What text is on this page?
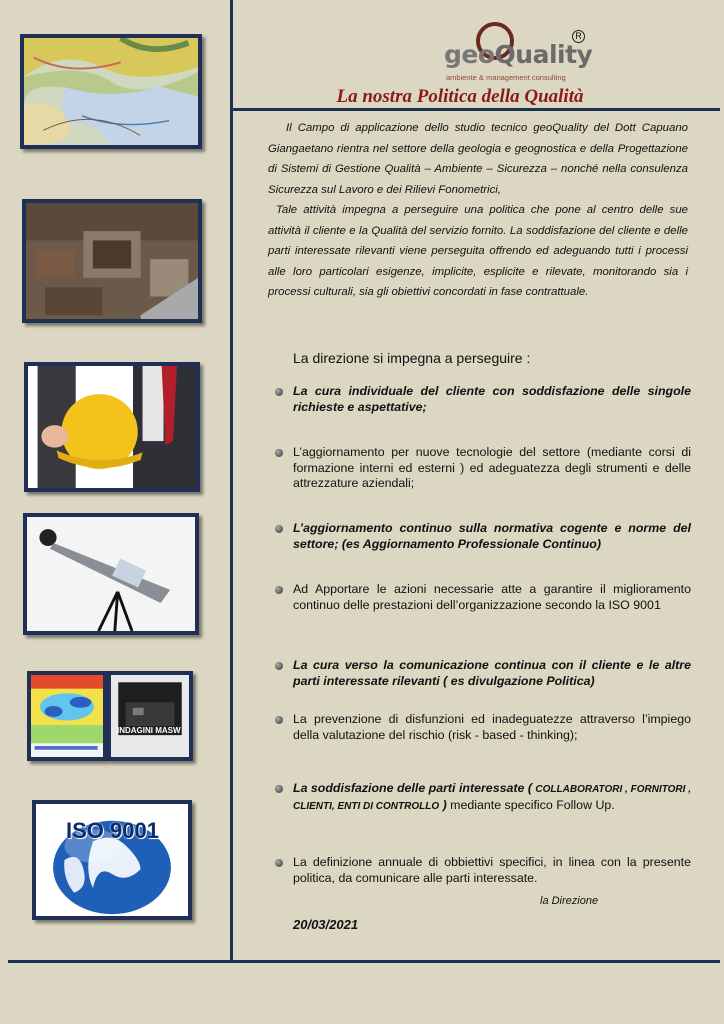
geoQuality
R
ambiente & management consulting
La nostra Politica della Qualità

Il Campo di applicazione dello studio tecnico geoQuality del Dott Capuano Giangaetano rientra nel settore della geologia e geognostica e della Progettazione di Sistemi di Gestione Qualità – Ambiente – Sicurezza – nonché nella consulenza Sicurezza sul Lavoro e dei Rilievi Fonometrici,

Tale attività impegna a perseguire una politica che pone al centro delle sue attività il cliente e la Qualità del servizio fornito. La soddisfazione del cliente e delle parti interessate rilevanti viene perseguita offrendo ed adeguando tutti i processi alle loro particolari esigenze, implicite, esplicite e rilevate, monitorando sia i processi culturali, sia gli obiettivi concordati in fase contrattuale.

La direzione si impegna a perseguire :
La cura individuale del cliente con soddisfazione delle singole richieste e aspettative;
L’aggiornamento per nuove tecnologie del settore (mediante corsi di formazione interni ed esterni ) ed adeguatezza degli strumenti e delle attrezzature aziendali;
L’aggiornamento continuo sulla normativa cogente e norme del settore; (es Aggiornamento Professionale Continuo)
Ad Apportare le azioni necessarie atte a garantire il miglioramento continuo delle prestazioni dell’organizzazione secondo la ISO 9001
La cura verso la comunicazione continua con il cliente e le altre parti interessate rilevanti ( es divulgazione Politica)
La prevenzione di disfunzioni ed inadeguatezze attraverso l’impiego della valutazione del rischio (risk - based - thinking);
La soddisfazione delle parti interessate ( COLLABORATORI , FORNITORI , CLIENTI, ENTI DI CONTROLLO ) mediante specifico Follow Up.
La definizione annuale di obbiettivi specifici, in linea con la presente politica, da comunicare alle parti interessate.
la Direzione
20/03/2021
INDAGINI MASW
ISO 9001
